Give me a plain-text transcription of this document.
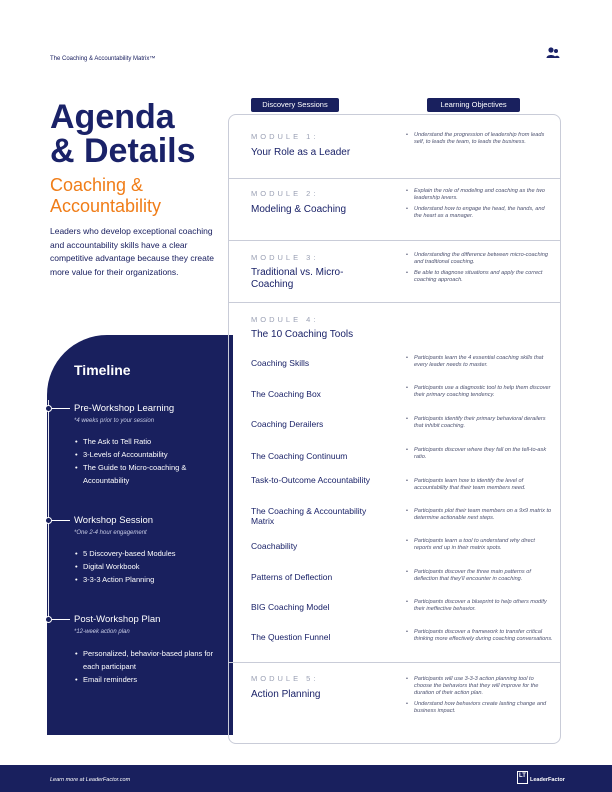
The Coaching & Accountability Matrix™
Agenda
& Details
Coaching &
Accountability

Leaders who develop exceptional coaching and accountability skills have a clear competitive advantage because they create more value for their organizations.

Timeline
Pre-Workshop Learning
*4 weeks prior to your session
• The Ask to Tell Ratio
• 3-Levels of Accountability
• The Guide to Micro-coaching & Accountability
Workshop Session
*One 2-4 hour engagement
• 5 Discovery-based Modules
• Digital Workbook
• 3-3-3 Action Planning
Post-Workshop Plan
*12-week action plan
• Personalized, behavior-based plans for each participant
• Email reminders
Discovery Sessions	Learning Objectives
MODULE 1:
Your Role as a Leader
• Understand the progression of leadership from leads self, to leads the team, to leads the business.
MODULE 2:
Modeling & Coaching
• Explain the role of modeling and coaching as the two leadership levers.
• Understand how to engage the head, the hands, and the heart as a manager.
MODULE 3:
Traditional vs. Micro-Coaching
• Understanding the difference between micro-coaching and traditional coaching.
• Be able to diagnose situations and apply the correct coaching approach.
MODULE 4:
The 10 Coaching Tools
Coaching Skills	• Participants learn the 4 essential coaching skills that every leader needs to master.
The Coaching Box
• Participants use a diagnostic tool to help them discover their primary coaching tendency.
Coaching Derailers	• Participants identify their primary behavioral derailers that inhibit coaching.
The Coaching Continuum
• Participants discover where they fall on the tell-to-ask ratio.
Task-to-Outcome Accountability	• Participants learn how to identify the level of accountability that their team members need.
The Coaching & Accountability Matrix
• Participants plot their team members on a 9x9 matrix to determine actionable next steps.
Coachability	• Participants learn a tool to understand why direct reports end up in their matrix spots.
Patterns of Deflection	• Participants discover the three main patterns of deflection that they'll encounter in coaching.
BIG Coaching Model	• Participants discover a blueprint to help others modify their ineffective behavior.
The Question Funnel	• Participants discover a framework to transfer critical thinking more effectively during coaching conversations.
MODULE 5:
Action Planning
• Participants will use 3-3-3 action planning tool to choose the behaviors that they will improve for the duration of their action plan.
• Understand how behaviors create lasting change and business impact.
Learn more at LeaderFactor.com
LT
LeaderFactor
